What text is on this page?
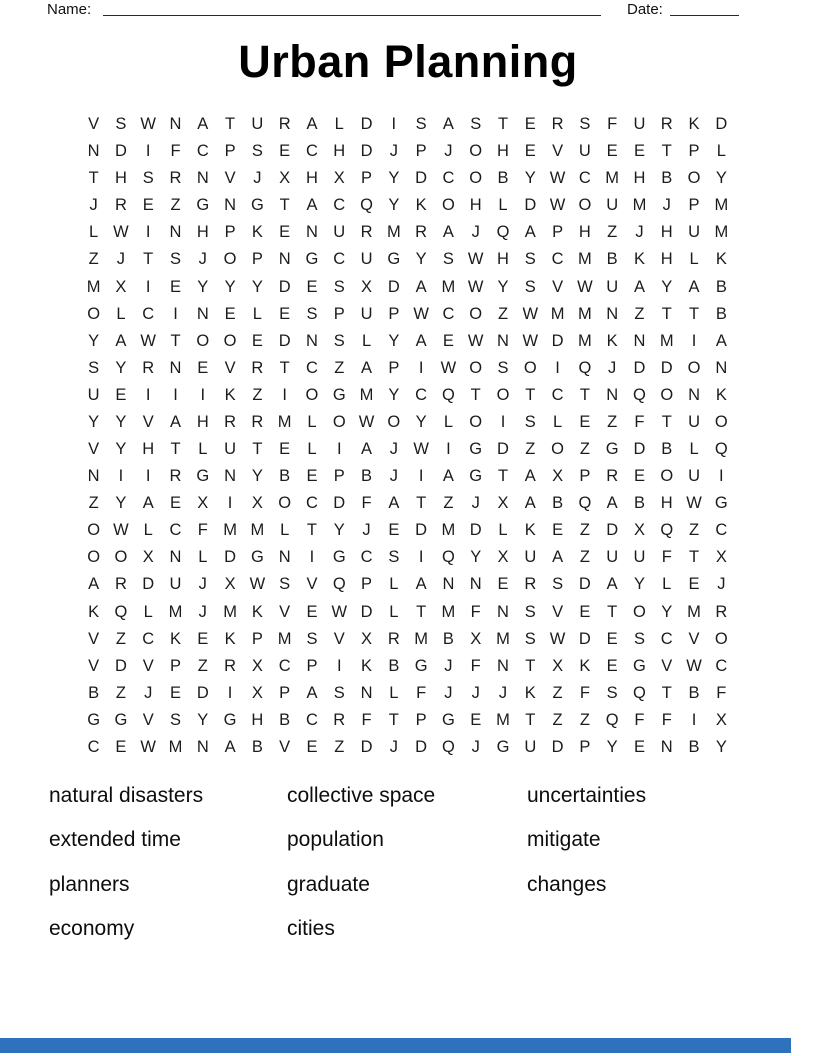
Name:	Date:
Urban Planning
V S W N A	T U R A	L	D	I	S A S	T	E R S	F U R K D
N D	I	F C P S E C H D	J	P	J	O H E V U E E	T	P	L
T H S R N V	J	X H X P Y D C O B Y W C M H B O Y
J	R E	Z G N G T	A C Q Y K O H	L	D W O U M J	P M
L W	I	N H P K E N U R M R A	J	Q A P H Z	J	H U M
Z	J	T	S	J	O P N G C U G Y S W H S C M B K H	L	K
M X	I	E Y Y Y D E S X D A M W Y S V W U A Y A B
O L	C	I	N E	L	E S P U P W C O Z W M M N Z	T	T	B
Y A W T O O E D N S	L	Y A E W N W D M K N M	I	A
S Y R N E V R T C Z	A P	I	W O S O	I	Q	J	D D O N
U E	I	I	I	K	Z	I	O G M Y C Q T O T C T N Q O N K
Y Y V A H R R M L O W O Y	L O	I	S	L	E	Z	F	T U O
V Y H T	L	U T	E	L	I	A	J W	I	G D Z O Z G D B	L Q
N	I	I	R G N Y B E P B	J	I	A G T	A X P R E O U	I
Z	Y A E X	I	X O C D F	A	T	Z	J	X A B Q A B H W G
O W L	C F M M L	T	Y	J	E D M D	L	K E	Z D X Q Z C
O O X N	L	D G N	I	G C S	I	Q Y X U A	Z U U F	T	X
A R D U	J	X W S V Q P	L	A N N E R S D A Y	L	E	J
K Q L M J M K V E W D	L	T M F N S V E	T O Y M R
V	Z C K E K P M S V X R M B X M S W D E S C V O
V D V P	Z R X C P	I	K B G	J	F N T	X K E G V W C
B	Z	J	E D	I	X P A S N	L	F	J	J	J	K	Z	F	S Q T	B	F
G G V S Y G H B C R F	T	P G E M T	Z	Z Q F	F	I	X
C E W M N A B V E	Z D	J	D Q	J	G U D P Y E N B Y
natural disasters
extended time
planners
economy
collective space
population
graduate
cities
uncertainties
mitigate
changes
